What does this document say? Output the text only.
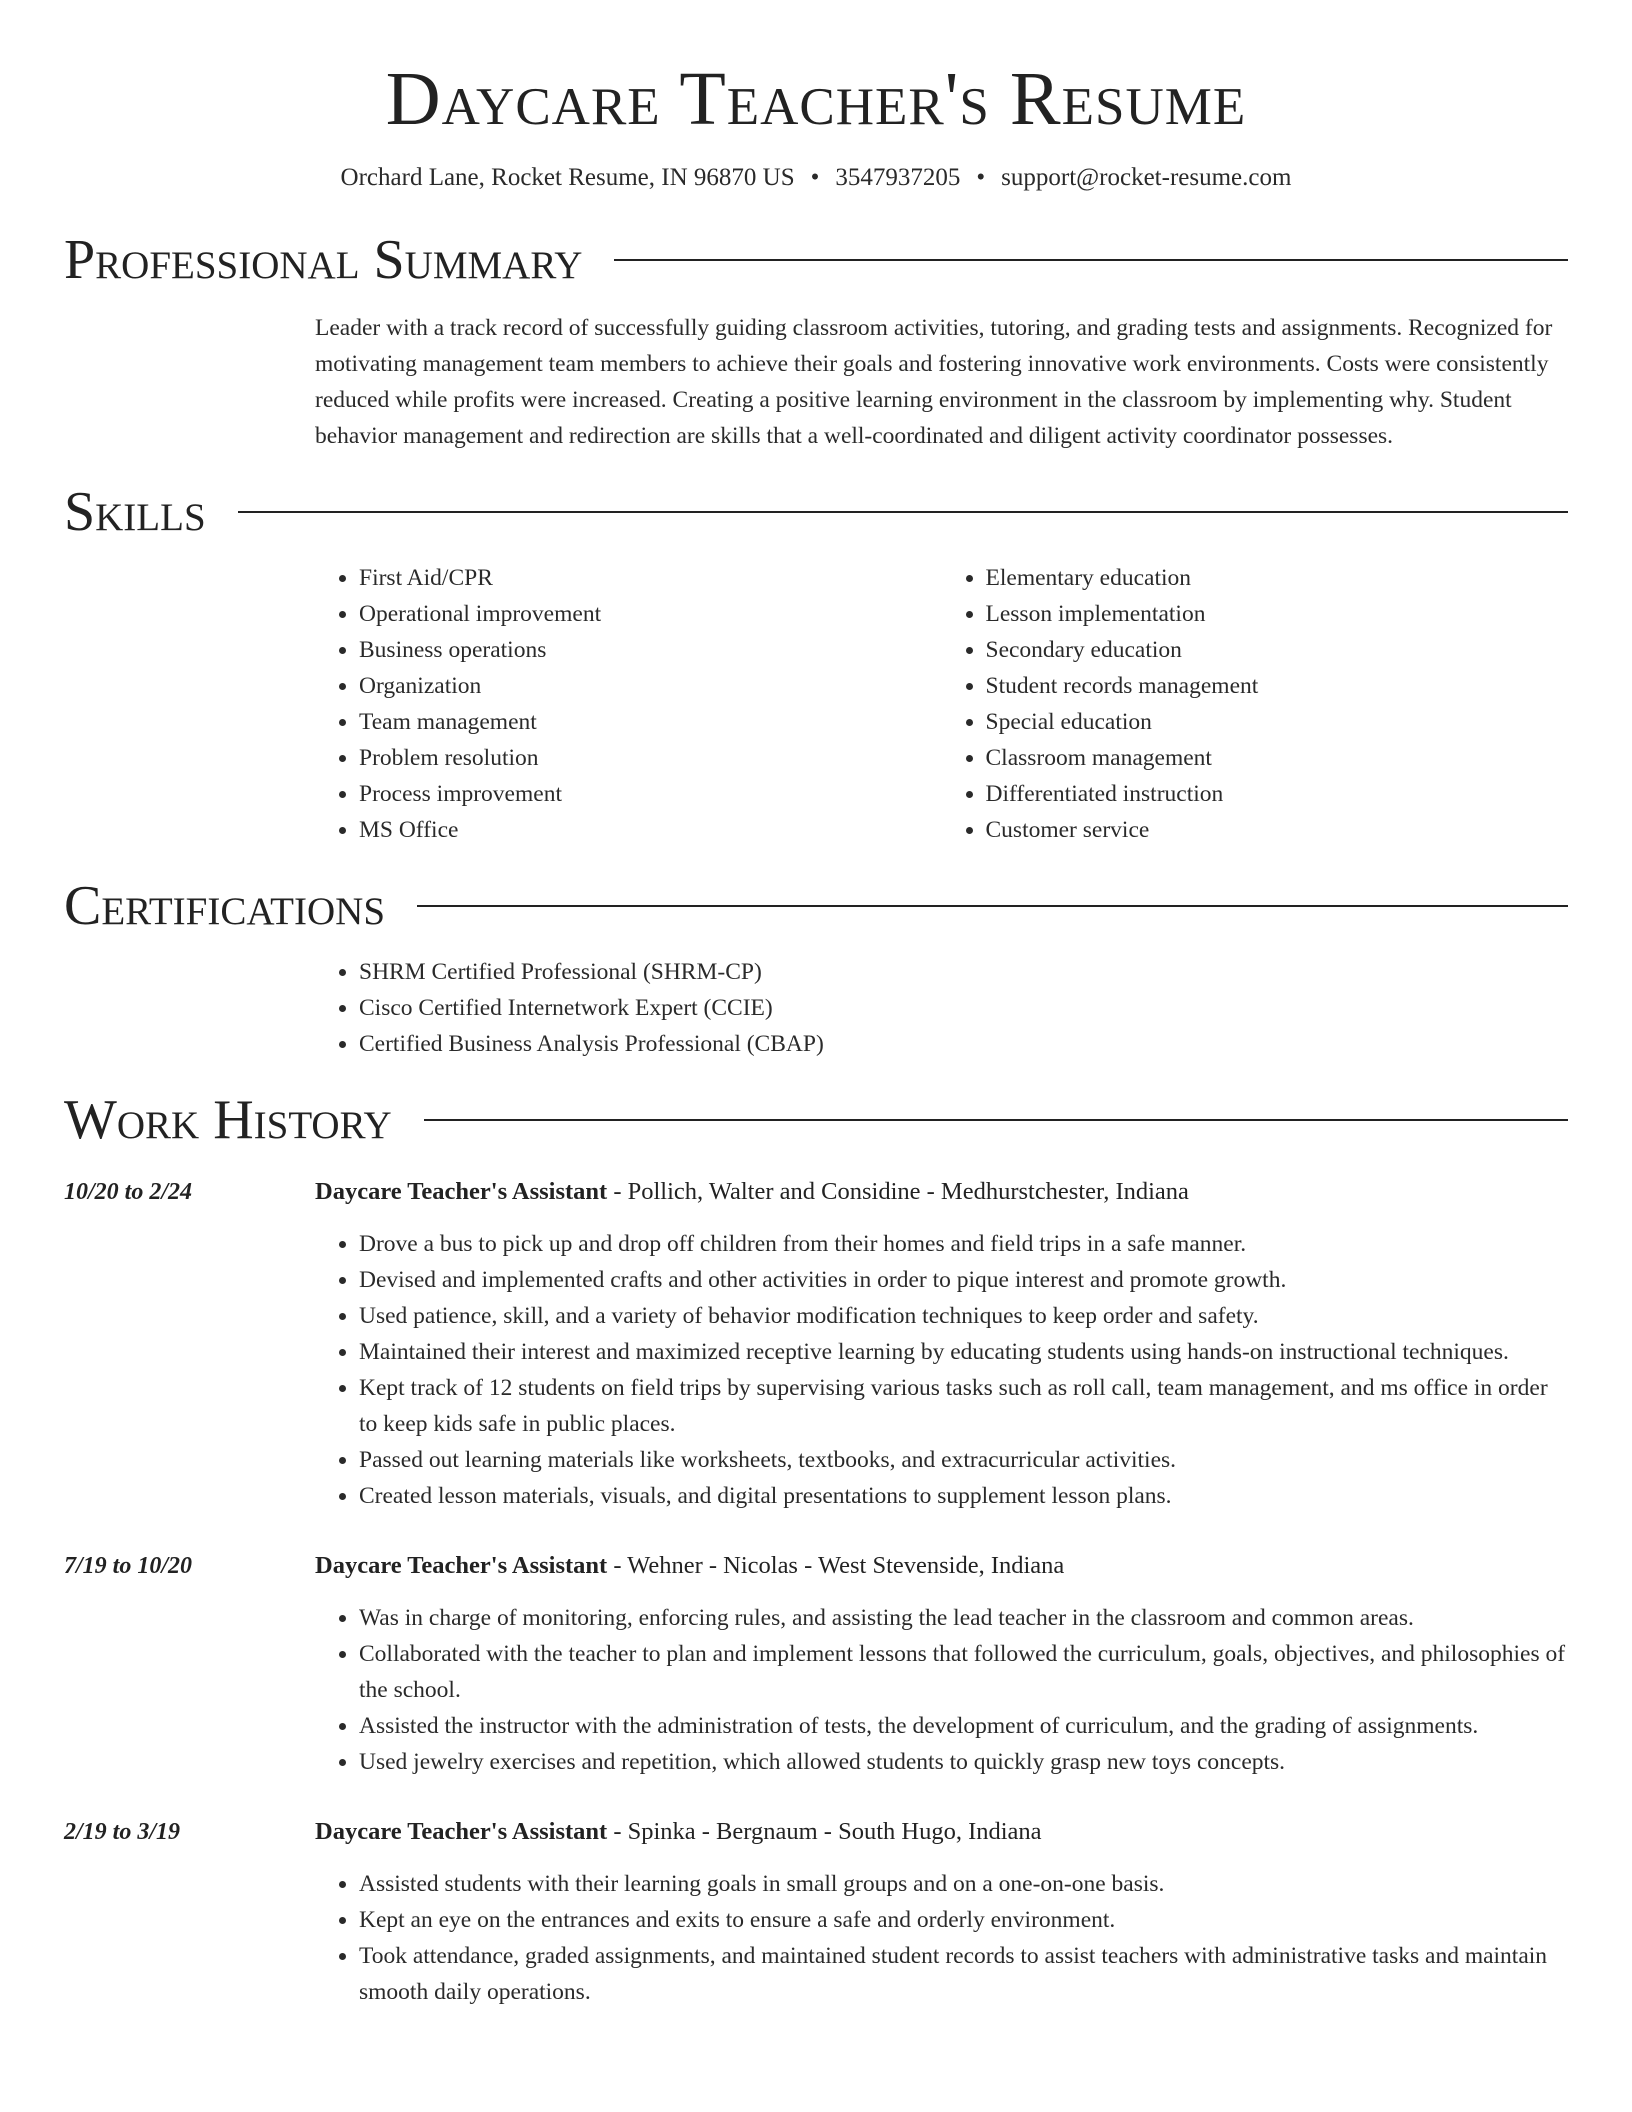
Daycare Teacher's Resume
Orchard Lane, Rocket Resume, IN 96870 US • 3547937205 • support@rocket-resume.com
Professional Summary
Leader with a track record of successfully guiding classroom activities, tutoring, and grading tests and assignments. Recognized for motivating management team members to achieve their goals and fostering innovative work environments. Costs were consistently reduced while profits were increased. Creating a positive learning environment in the classroom by implementing why. Student behavior management and redirection are skills that a well-coordinated and diligent activity coordinator possesses.
Skills
• First Aid/CPR
• Operational improvement
• Business operations
• Organization
• Team management
• Problem resolution
• Process improvement
• MS Office
• Elementary education
• Lesson implementation
• Secondary education
• Student records management
• Special education
• Classroom management
• Differentiated instruction
• Customer service
Certifications
• SHRM Certified Professional (SHRM-CP)
• Cisco Certified Internetwork Expert (CCIE)
• Certified Business Analysis Professional (CBAP)
Work History
10/20 to 2/24	Daycare Teacher's Assistant - Pollich, Walter and Considine - Medhurstchester, Indiana
• Drove a bus to pick up and drop off children from their homes and field trips in a safe manner.
• Devised and implemented crafts and other activities in order to pique interest and promote growth.
• Used patience, skill, and a variety of behavior modification techniques to keep order and safety.
• Maintained their interest and maximized receptive learning by educating students using hands-on instructional techniques.
• Kept track of 12 students on field trips by supervising various tasks such as roll call, team management, and ms office in order to keep kids safe in public places.
• Passed out learning materials like worksheets, textbooks, and extracurricular activities.
• Created lesson materials, visuals, and digital presentations to supplement lesson plans.
7/19 to 10/20	Daycare Teacher's Assistant - Wehner - Nicolas - West Stevenside, Indiana
• Was in charge of monitoring, enforcing rules, and assisting the lead teacher in the classroom and common areas.
• Collaborated with the teacher to plan and implement lessons that followed the curriculum, goals, objectives, and philosophies of the school.
• Assisted the instructor with the administration of tests, the development of curriculum, and the grading of assignments.
• Used jewelry exercises and repetition, which allowed students to quickly grasp new toys concepts.
2/19 to 3/19	Daycare Teacher's Assistant - Spinka - Bergnaum - South Hugo, Indiana
• Assisted students with their learning goals in small groups and on a one-on-one basis.
• Kept an eye on the entrances and exits to ensure a safe and orderly environment.
• Took attendance, graded assignments, and maintained student records to assist teachers with administrative tasks and maintain smooth daily operations.
